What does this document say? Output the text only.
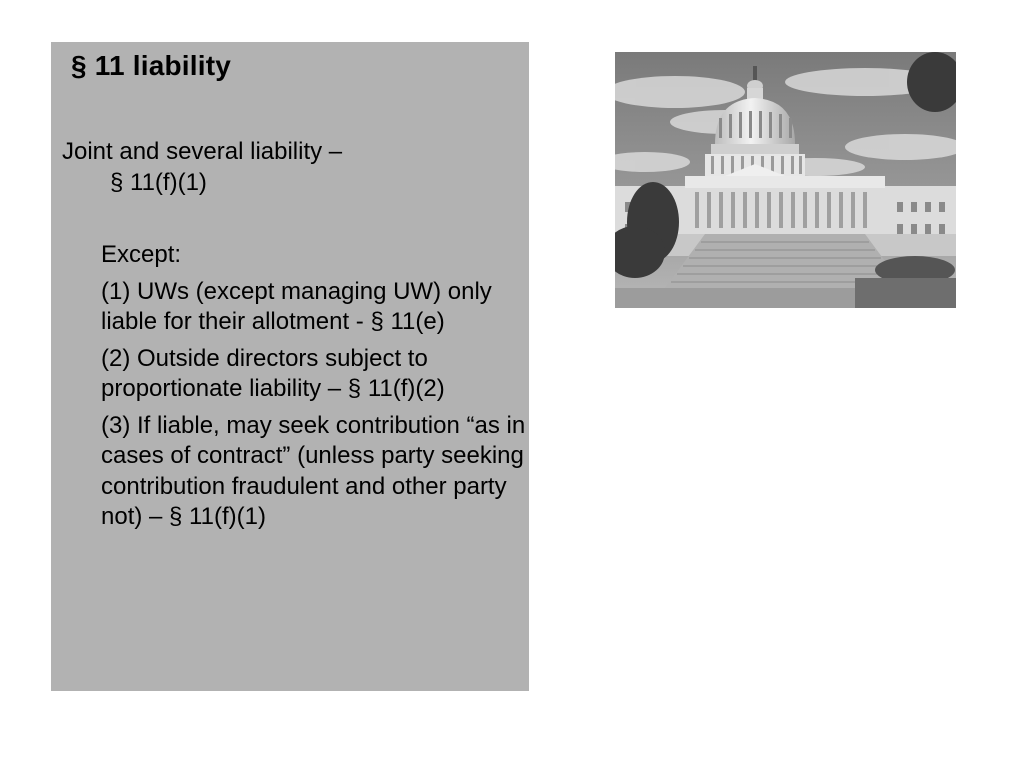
§ 11 liability
Joint and several liability –
§ 11(f)(1)

Except:

(1) UWs (except managing UW) only liable for their allotment - § 11(e)

(2) Outside directors subject to proportionate liability – § 11(f)(2)

(3) If liable, may seek contribution “as in cases of contract” (unless party seeking contribution fraudulent and other party not) – § 11(f)(1)
